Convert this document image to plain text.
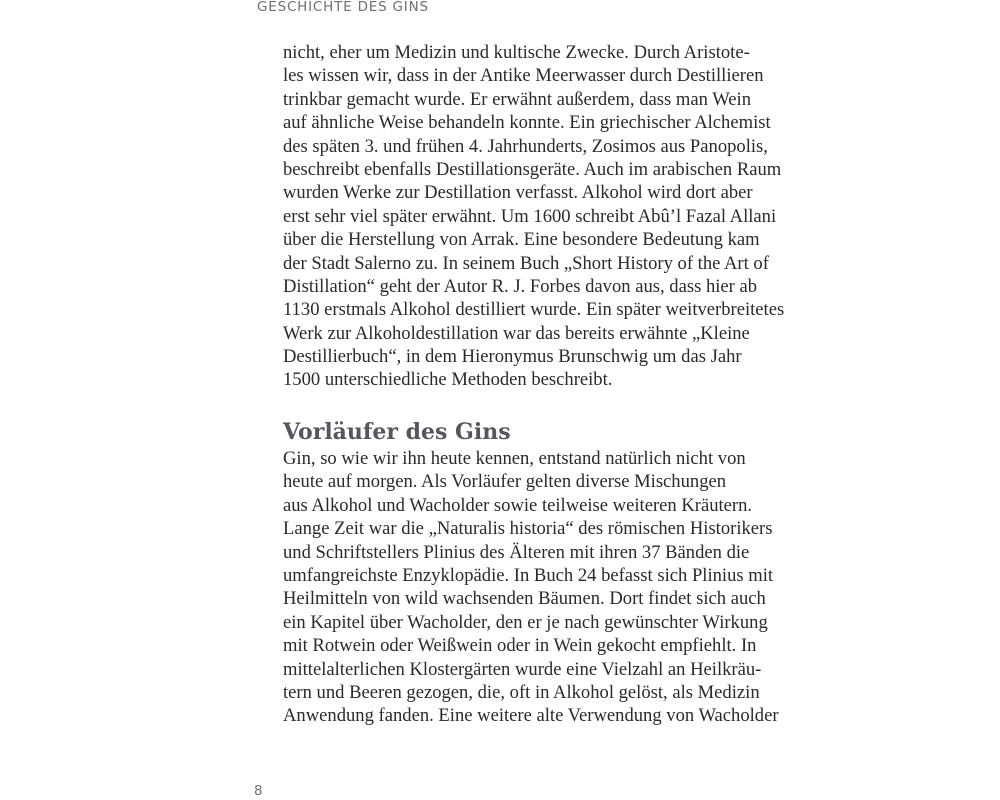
GESCHICHTE DES GINS
nicht, eher um Medizin und kultische Zwecke. Durch Aristote-
les wissen wir, dass in der Antike Meerwasser durch Destillieren
trinkbar gemacht wurde. Er erwähnt außerdem, dass man Wein
auf ähnliche Weise behandeln konnte. Ein griechischer Alchemist
des späten 3. und frühen 4. Jahrhunderts, Zosimos aus Panopolis,
beschreibt ebenfalls Destillationsgeräte. Auch im arabischen Raum
wurden Werke zur Destillation verfasst. Alkohol wird dort aber
erst sehr viel später erwähnt. Um 1600 schreibt Abû’l Fazal Allani
über die Herstellung von Arrak. Eine besondere Bedeutung kam
der Stadt Salerno zu. In seinem Buch „Short History of the Art of
Distillation“ geht der Autor R. J. Forbes davon aus, dass hier ab
1130 erstmals Alkohol destilliert wurde. Ein später weitverbreitetes
Werk zur Alkoholdestillation war das bereits erwähnte „Kleine
Destillierbuch“, in dem Hieronymus Brunschwig um das Jahr
1500 unterschiedliche Methoden beschreibt.
Vorläufer des Gins
Gin, so wie wir ihn heute kennen, entstand natürlich nicht von
heute auf morgen. Als Vorläufer gelten diverse Mischungen
aus Alkohol und Wacholder sowie teilweise weiteren Kräutern.
Lange Zeit war die „Naturalis historia“ des römischen Historikers
und Schriftstellers Plinius des Älteren mit ihren 37 Bänden die
umfangreichste Enzyklopädie. In Buch 24 befasst sich Plinius mit
Heilmitteln von wild wachsenden Bäumen. Dort findet sich auch
ein Kapitel über Wacholder, den er je nach gewünschter Wirkung
mit Rotwein oder Weißwein oder in Wein gekocht empfiehlt. In
mittelalterlichen Klostergärten wurde eine Vielzahl an Heilkräu-
tern und Beeren gezogen, die, oft in Alkohol gelöst, als Medizin
Anwendung fanden. Eine weitere alte Verwendung von Wacholder
8
